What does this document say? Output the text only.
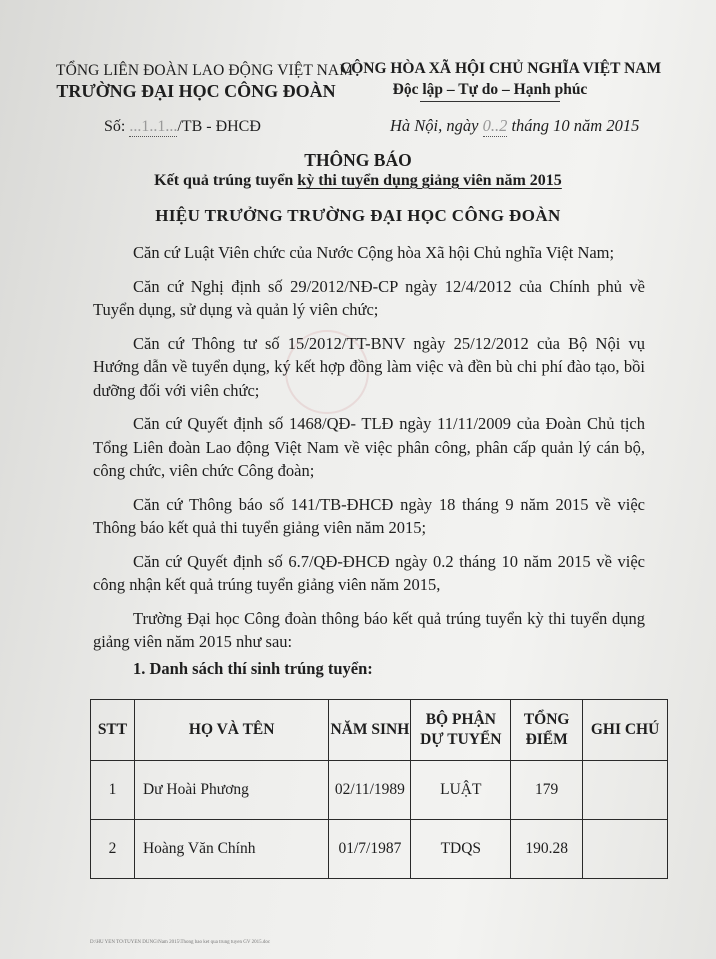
TỔNG LIÊN ĐOÀN LAO ĐỘNG VIỆT NAM
TRƯỜNG ĐẠI HỌC CÔNG ĐOÀN
CỘNG HÒA XÃ HỘI CHỦ NGHĨA VIỆT NAM
Độc lập – Tự do – Hạnh phúc
Số: ...1..1.../TB - ĐHCĐ	Hà Nội, ngày 0..2 tháng 10 năm 2015
THÔNG BÁO
Kết quả trúng tuyển kỳ thi tuyển dụng giảng viên năm 2015
HIỆU TRƯỞNG TRƯỜNG ĐẠI HỌC CÔNG ĐOÀN

Căn cứ Luật Viên chức của Nước Cộng hòa Xã hội Chủ nghĩa Việt Nam;

Căn cứ Nghị định số 29/2012/NĐ-CP ngày 12/4/2012 của Chính phủ về Tuyển dụng, sử dụng và quản lý viên chức;

Căn cứ Thông tư số 15/2012/TT-BNV ngày 25/12/2012 của Bộ Nội vụ Hướng dẫn về tuyển dụng, ký kết hợp đồng làm việc và đền bù chi phí đào tạo, bồi dưỡng đối với viên chức;

Căn cứ Quyết định số 1468/QĐ- TLĐ ngày 11/11/2009 của Đoàn Chủ tịch Tổng Liên đoàn Lao động Việt Nam về việc phân công, phân cấp quản lý cán bộ, công chức, viên chức Công đoàn;

Căn cứ Thông báo số 141/TB-ĐHCĐ ngày 18 tháng 9 năm 2015 về việc Thông báo kết quả thi tuyển giảng viên năm 2015;

Căn cứ Quyết định số 6.7/QĐ-ĐHCĐ ngày 0.2 tháng 10 năm 2015 về việc công nhận kết quả trúng tuyển giảng viên năm 2015,

Trường Đại học Công đoàn thông báo kết quả trúng tuyển kỳ thi tuyển dụng giảng viên năm 2015 như sau:

1. Danh sách thí sinh trúng tuyển:
STT	HỌ VÀ TÊN	NĂM SINH	BỘ PHẬN DỰ TUYỂN	TỔNG ĐIỂM	GHI CHÚ
1	Dư Hoài Phương	02/11/1989	LUẬT	179	
2	Hoàng Văn Chính	01/7/1987	TDQS	190.28	
D:\HU YEN TO\TUYEN DUNG\Nam 2015\Thong bao ket qua trung tuyen GV 2015.doc
